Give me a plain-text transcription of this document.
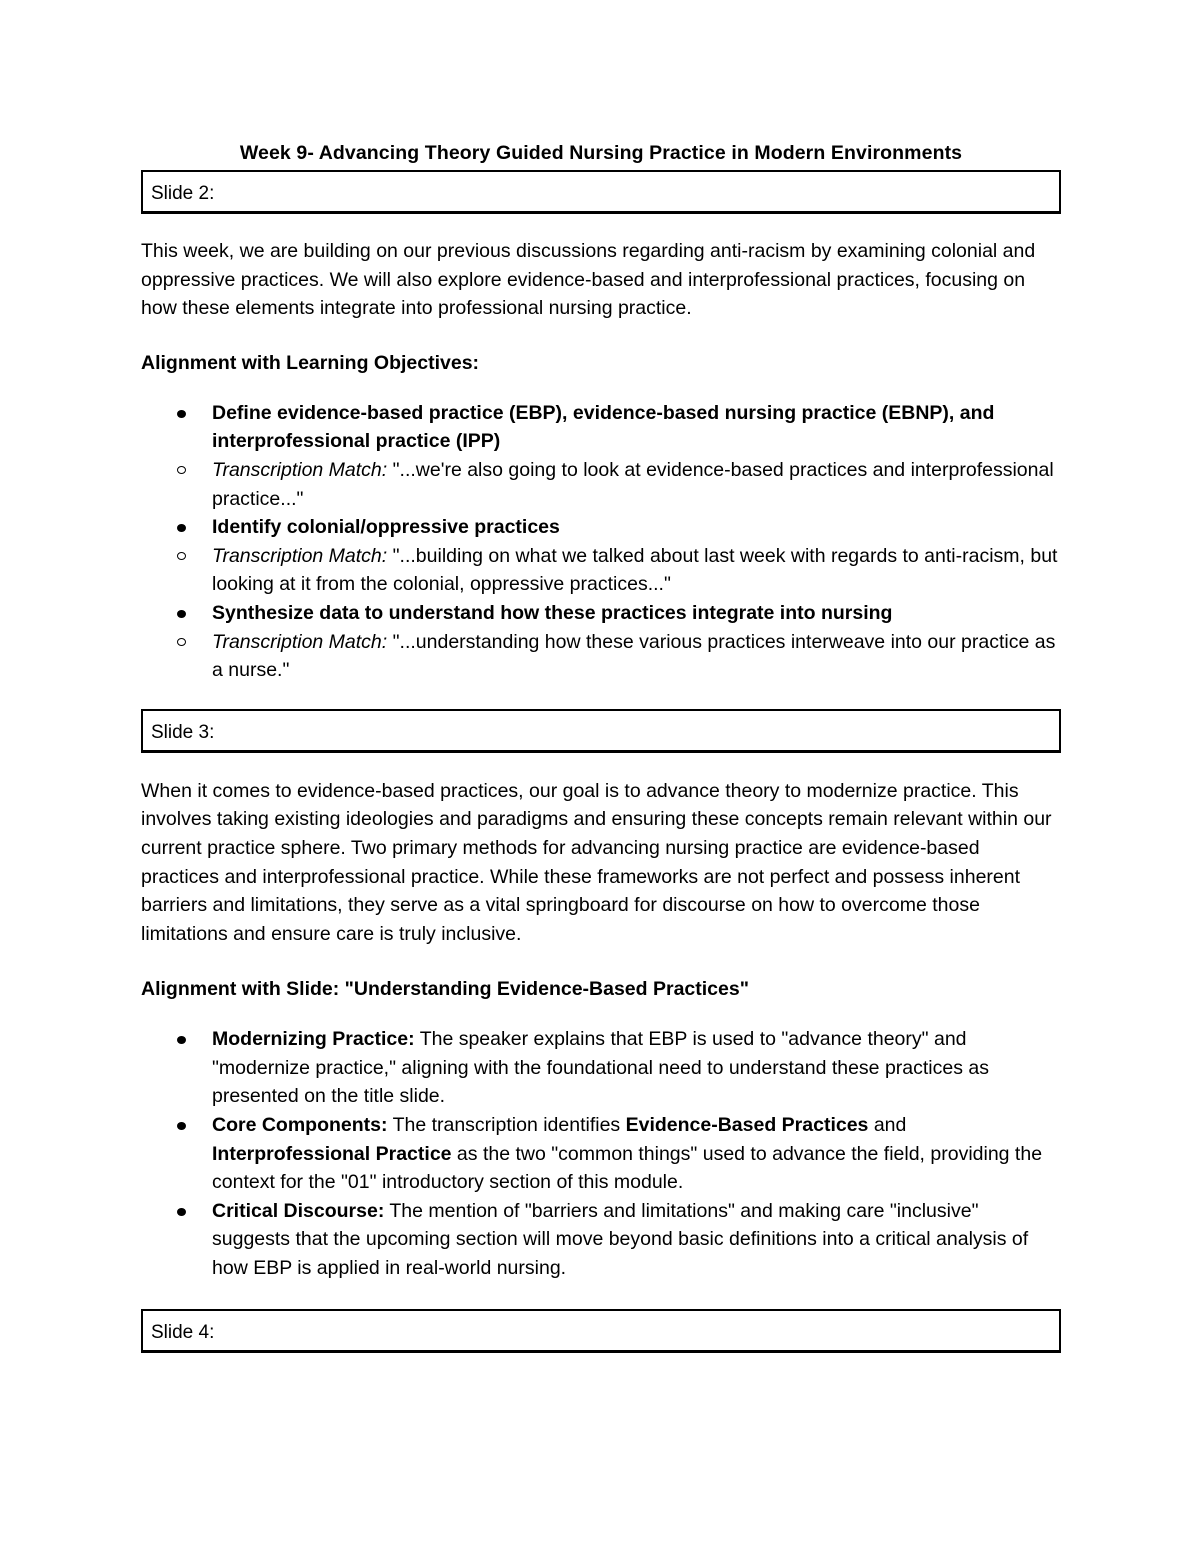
Week 9- Advancing Theory Guided Nursing Practice in Modern Environments
Slide 2:

This week, we are building on our previous discussions regarding anti-racism by examining colonial and oppressive practices. We will also explore evidence-based and interprofessional practices, focusing on how these elements integrate into professional nursing practice.

Alignment with Learning Objectives:

Define evidence-based practice (EBP), evidence-based nursing practice (EBNP), and interprofessional practice (IPP)
Transcription Match: "...we're also going to look at evidence-based practices and interprofessional practice..."
Identify colonial/oppressive practices
Transcription Match: "...building on what we talked about last week with regards to anti-racism, but looking at it from the colonial, oppressive practices..."
Synthesize data to understand how these practices integrate into nursing
Transcription Match: "...understanding how these various practices interweave into our practice as a nurse."
Slide 3:

When it comes to evidence-based practices, our goal is to advance theory to modernize practice. This involves taking existing ideologies and paradigms and ensuring these concepts remain relevant within our current practice sphere. Two primary methods for advancing nursing practice are evidence-based practices and interprofessional practice. While these frameworks are not perfect and possess inherent barriers and limitations, they serve as a vital springboard for discourse on how to overcome those limitations and ensure care is truly inclusive.

Alignment with Slide: "Understanding Evidence-Based Practices"

Modernizing Practice: The speaker explains that EBP is used to "advance theory" and "modernize practice," aligning with the foundational need to understand these practices as presented on the title slide.
Core Components: The transcription identifies Evidence-Based Practices and Interprofessional Practice as the two "common things" used to advance the field, providing the context for the "01" introductory section of this module.
Critical Discourse: The mention of "barriers and limitations" and making care "inclusive" suggests that the upcoming section will move beyond basic definitions into a critical analysis of how EBP is applied in real-world nursing.
Slide 4:
